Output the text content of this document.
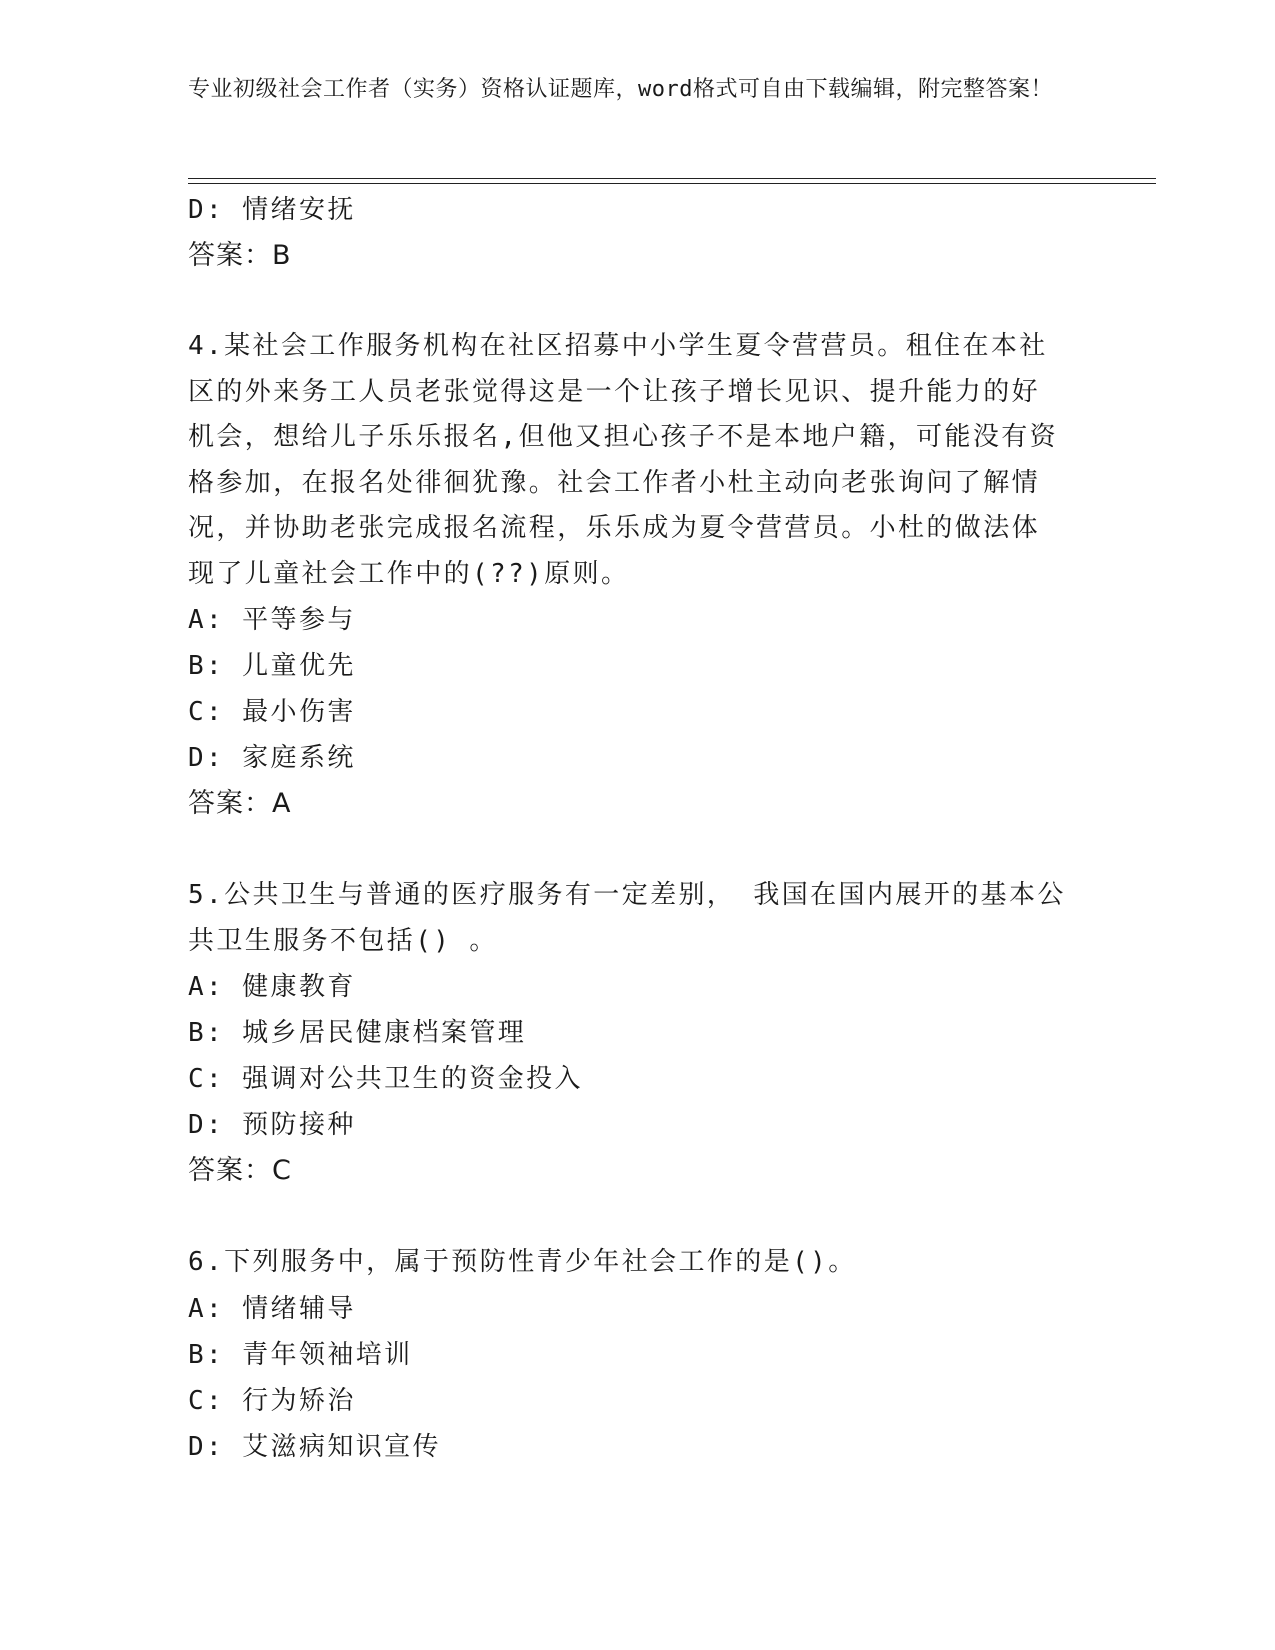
专业初级社会工作者（实务）资格认证题库，word格式可自由下载编辑，附完整答案！
D: 情绪安抚
答案：B
4.某社会工作服务机构在社区招募中小学生夏令营营员。租住在本社区的外来务工人员老张觉得这是一个让孩子增长见识、提升能力的好机会，想给儿子乐乐报名,但他又担心孩子不是本地户籍，可能没有资格参加，在报名处徘徊犹豫。社会工作者小杜主动向老张询问了解情况，并协助老张完成报名流程，乐乐成为夏令营营员。小杜的做法体现了儿童社会工作中的(??)原则。
A: 平等参与
B: 儿童优先
C: 最小伤害
D: 家庭系统
答案：A
5.公共卫生与普通的医疗服务有一定差别， 我国在国内展开的基本公共卫生服务不包括() 。
A: 健康教育
B: 城乡居民健康档案管理
C: 强调对公共卫生的资金投入
D: 预防接种
答案：C
6.下列服务中，属于预防性青少年社会工作的是()。
A: 情绪辅导
B: 青年领袖培训
C: 行为矫治
D: 艾滋病知识宣传
